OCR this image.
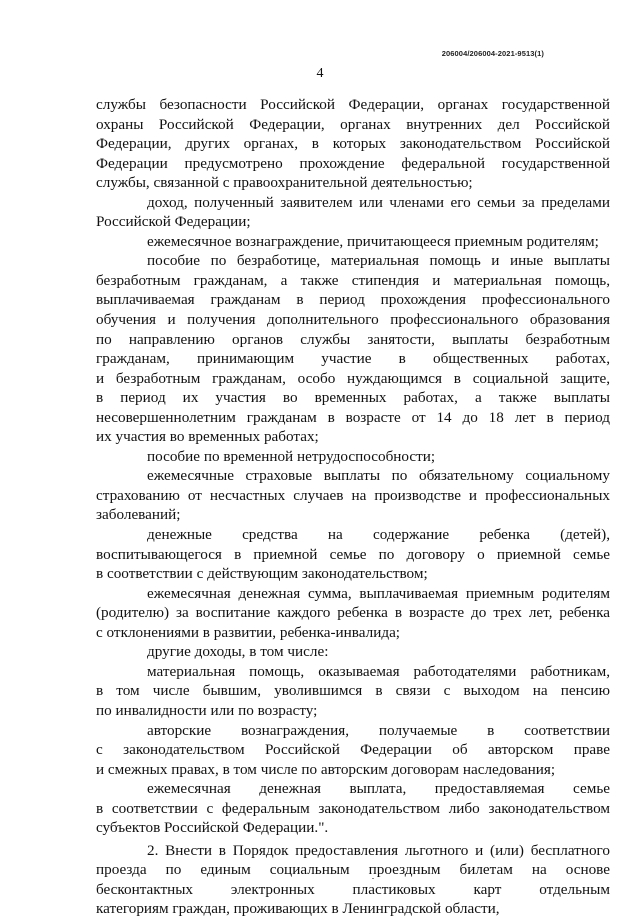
206004/206004-2021-9513(1)
4

службы безопасности Российской Федерации, органах государственной
охраны Российской Федерации, органах внутренних дел Российской
Федерации, других органах, в которых законодательством Российской
Федерации предусмотрено прохождение федеральной государственной
службы, связанной с правоохранительной деятельностью;

доход, полученный заявителем или членами его семьи за пределами
Российской Федерации;

ежемесячное вознаграждение, причитающееся приемным родителям;

пособие по безработице, материальная помощь и иные выплаты
безработным гражданам, а также стипендия и материальная помощь,
выплачиваемая гражданам в период прохождения профессионального
обучения и получения дополнительного профессионального образования
по направлению органов службы занятости, выплаты безработным
гражданам, принимающим участие в общественных работах,
и безработным гражданам, особо нуждающимся в социальной защите,
в период их участия во временных работах, а также выплаты
несовершеннолетним гражданам в возрасте от 14 до 18 лет в период
их участия во временных работах;

пособие по временной нетрудоспособности;

ежемесячные страховые выплаты по обязательному социальному
страхованию от несчастных случаев на производстве и профессиональных
заболеваний;

денежные средства на содержание ребенка (детей),
воспитывающегося в приемной семье по договору о приемной семье
в соответствии с действующим законодательством;

ежемесячная денежная сумма, выплачиваемая приемным родителям
(родителю) за воспитание каждого ребенка в возрасте до трех лет, ребенка
с отклонениями в развитии, ребенка-инвалида;

другие доходы, в том числе:

материальная помощь, оказываемая работодателями работникам,
в том числе бывшим, уволившимся в связи с выходом на пенсию
по инвалидности или по возрасту;

авторские вознаграждения, получаемые в соответствии
с законодательством Российской Федерации об авторском праве
и смежных правах, в том числе по авторским договорам наследования;

ежемесячная денежная выплата, предоставляемая семье
в соответствии с федеральным законодательством либо законодательством
субъектов Российской Федерации.".

2. Внести в Порядок предоставления льготного и (или) бесплатного
проезда по единым социальным проездным билетам на основе
бесконтактных электронных пластиковых карт отдельным
категориям граждан, проживающих в Ленинградской области,
